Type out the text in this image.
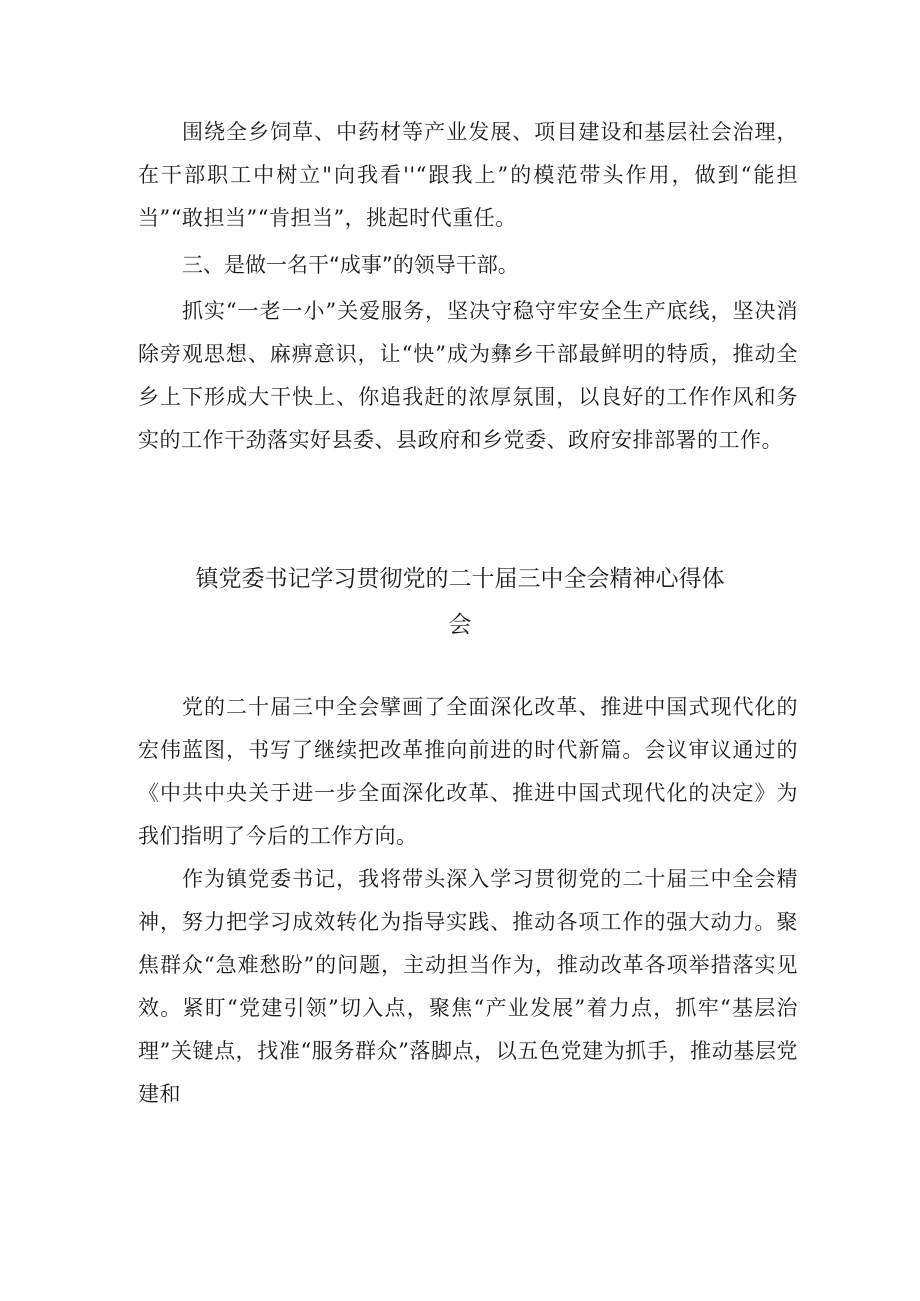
围绕全乡饲草、中药材等产业发展、项目建设和基层社会治理，在干部职工中树立"向我看''“跟我上”的模范带头作用，做到“能担当”“敢担当”“肯担当”，挑起时代重任。

三、是做一名干“成事”的领导干部。

抓实“一老一小”关爱服务，坚决守稳守牢安全生产底线，坚决消除旁观思想、麻痹意识，让“快”成为彝乡干部最鲜明的特质，推动全乡上下形成大干快上、你追我赶的浓厚氛围，以良好的工作作风和务实的工作干劲落实好县委、县政府和乡党委、政府安排部署的工作。

镇党委书记学习贯彻党的二十届三中全会精神心得体
会

党的二十届三中全会擘画了全面深化改革、推进中国式现代化的宏伟蓝图，书写了继续把改革推向前进的时代新篇。会议审议通过的《中共中央关于进一步全面深化改革、推进中国式现代化的决定》为我们指明了今后的工作方向。

作为镇党委书记，我将带头深入学习贯彻党的二十届三中全会精神，努力把学习成效转化为指导实践、推动各项工作的强大动力。聚焦群众“急难愁盼”的问题，主动担当作为，推动改革各项举措落实见效。紧盯“党建引领”切入点，聚焦“产业发展”着力点，抓牢“基层治理”关键点，找准“服务群众”落脚点，以五色党建为抓手，推动基层党建和
